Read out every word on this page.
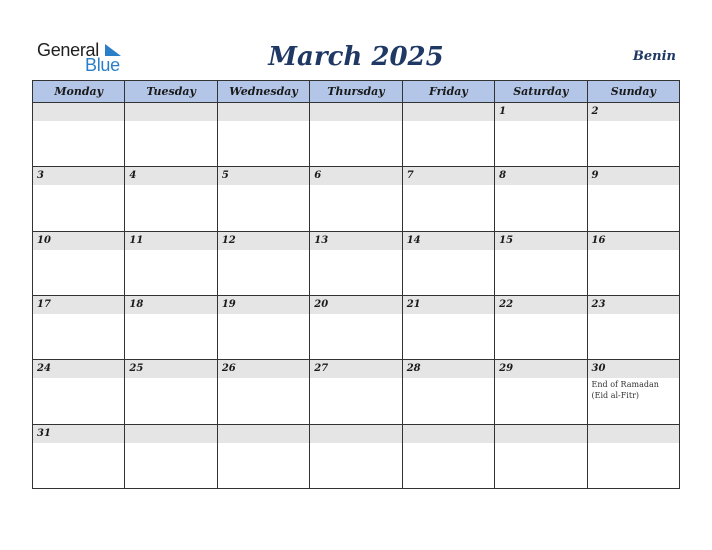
General
Blue	March 2025	Benin
Monday	Tuesday	Wednesday	Thursday	Friday	Saturday	Sunday

					1	2

3	4	5	6	7	8	9

10	11	12	13	14	15	16

17	18	19	20	21	22	23

24	25	26	27	28	29	30
End of Ramadan (Eid al-Fitr)

31						
